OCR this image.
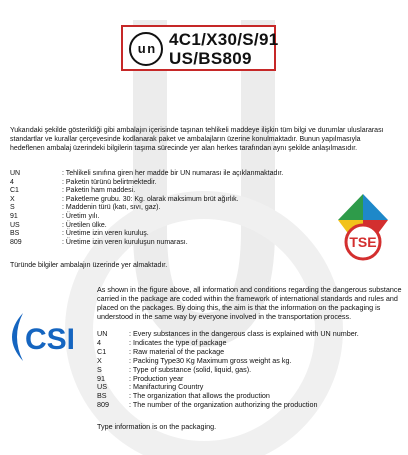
u n 4C1/X30/S/91
US/BS809
Yukarıdaki şekilde gösterildiği gibi ambalajın içerisinde taşınan tehlikeli maddeye ilişkin tüm bilgi ve durumlar uluslararası standartlar ve kurallar çerçevesinde kodlanarak paket ve ambalajların üzerine konulmaktadır. Bunun yapılmasıyla hedeflenen ambalaj üzerindeki bilgilerin taşıma sürecinde yer alan herkes tarafından aynı şekilde anlaşılmasıdır.
UN	: Tehlikeli sınıfına giren her madde bir UN numarası ile açıklanmaktadır.
4	: Paketin türünü belirtmektedir.
C1	: Paketin ham maddesi.
X	: Paketleme grubu. 30: Kg. olarak maksimum brüt ağırlık.
S	: Maddenin türü (katı, sıvı, gaz).
91	: Üretim yılı.
US	: Üretilen ülke.
BS	: Üretime izin veren kuruluş.
809	: Üretime izin veren kuruluşun numarası.
Türünde bilgiler ambalajın üzerinde yer almaktadır.
TSE
CSI
As shown in the figure above, all information and conditions regarding the dangerous substance carried in the package are coded within the framework of international standards and rules and placed on the packages. By doing this, the aim is that the information on the packaging is understood in the same way by everyone involved in the transportation process.
UN	: Every substances in the dangerous class is explained with UN number.
4	: Indicates the type of package
C1	: Raw material of the package
X	: Packing Type30 Kg Maximum gross weight as kg.
S	: Type of substance (solid, liquid, gas).
91	: Production year
US	: Manifacturing Country
BS	: The organization that allows the production
809	: The number of the organization authorizing the production
Type information is on the packaging.
